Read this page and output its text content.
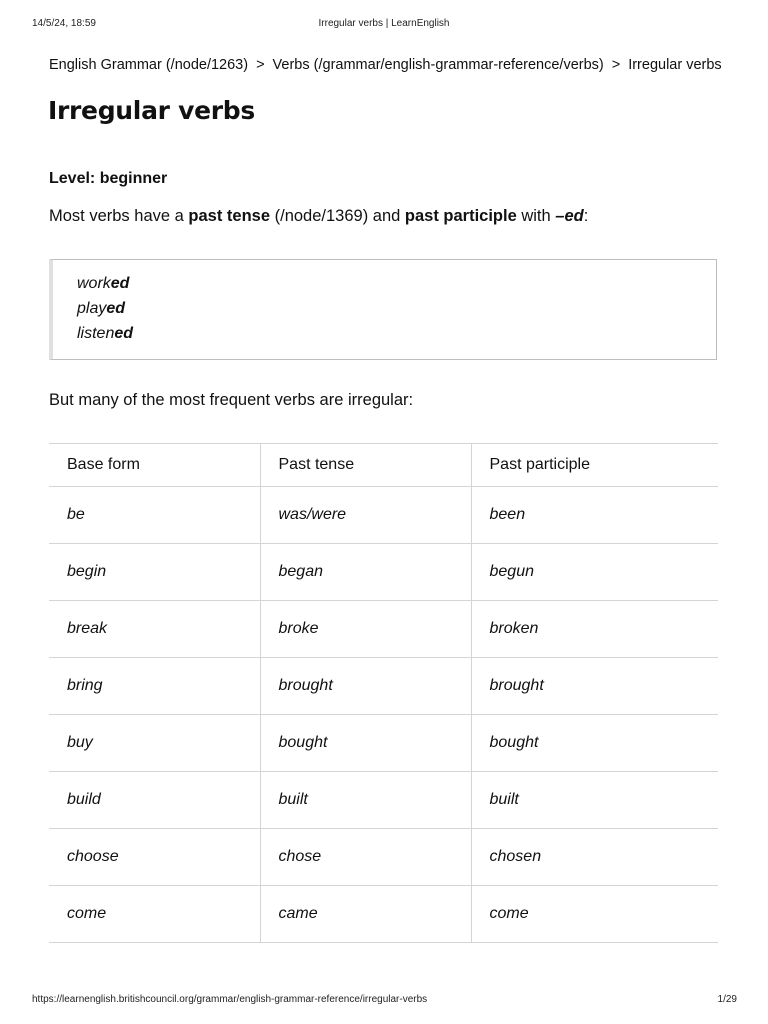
14/5/24, 18:59	Irregular verbs | LearnEnglish
English Grammar (/node/1263) > Verbs (/grammar/english-grammar-reference/verbs) > Irregular verbs
Irregular verbs
Level: beginner
Most verbs have a past tense (/node/1369) and past participle with –ed:
worked
played
listened
But many of the most frequent verbs are irregular:
Base form	Past tense	Past participle
be	was/were	been
begin	began	begun
break	broke	broken
bring	brought	brought
buy	bought	bought
build	built	built
choose	chose	chosen
come	came	come
https://learnenglish.britishcouncil.org/grammar/english-grammar-reference/irregular-verbs	1/29
